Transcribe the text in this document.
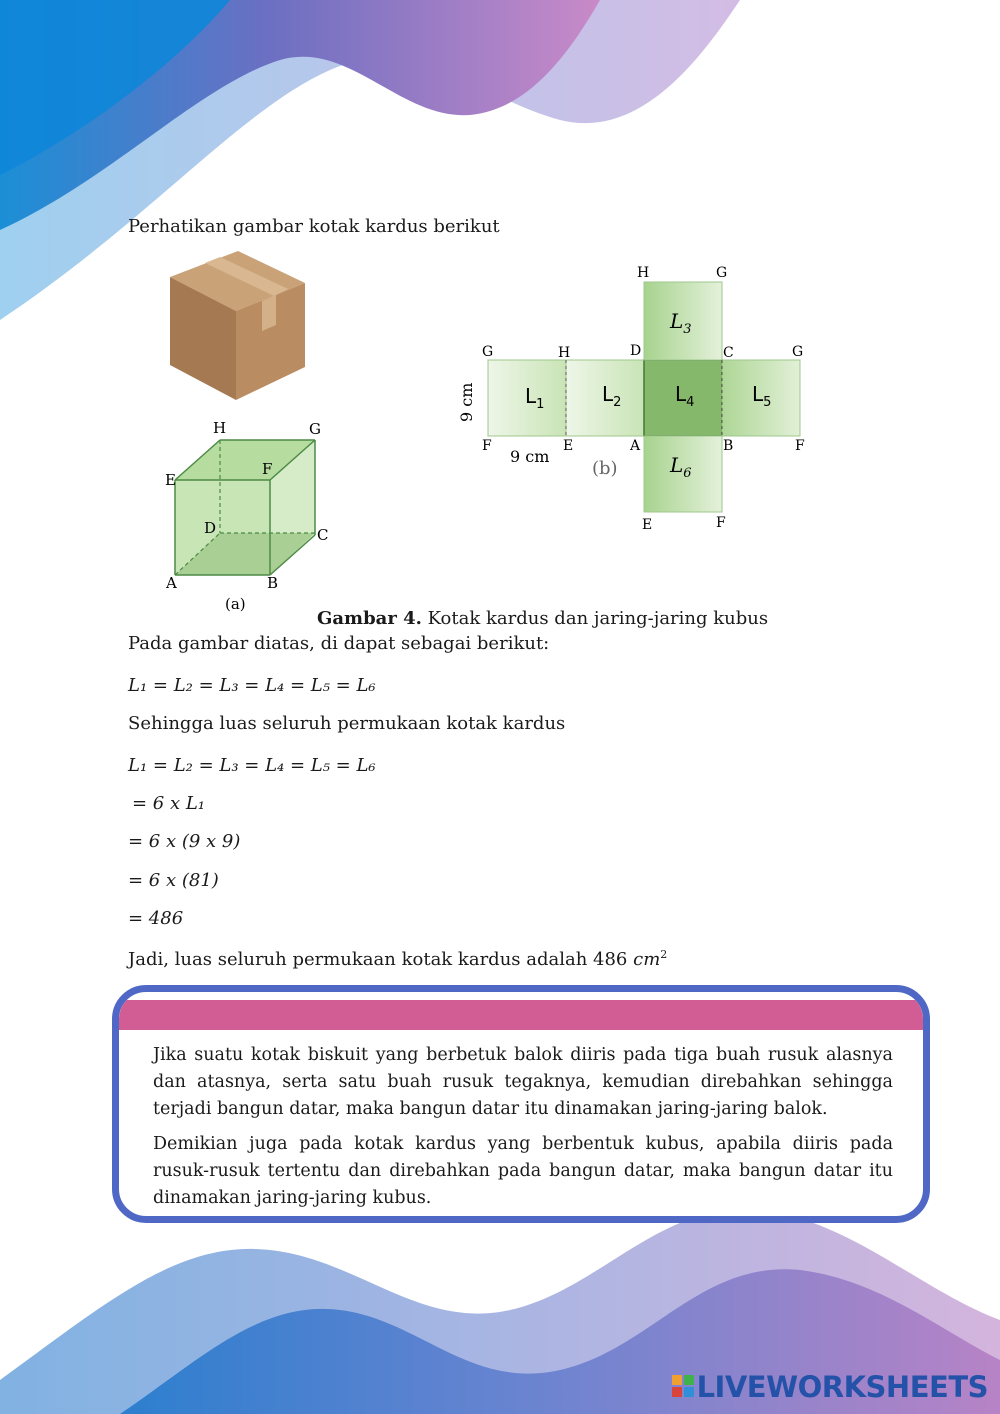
Perhatikan gambar kotak kardus berikut
H	G
E
F
D	C
A	B
(a)
$L_1$	$L_2$
$L_3$
$L_4$	$L_5$
$L_6$
H	G
G	H	D	C	G
F	E	A	B	F
E	F
9 cm
9 cm
(b)
Gambar 4. Kotak kardus dan jaring-jaring kubus
Pada gambar diatas, di dapat sebagai berikut:
L₁ = L₂ = L₃ = L₄ = L₅ = L₆
Sehingga luas seluruh permukaan kotak kardus
L₁ = L₂ = L₃ = L₄ = L₅ = L₆
= 6 x L₁
= 6 x (9 x 9)
= 6 x (81)
= 486
Jadi, luas seluruh permukaan kotak kardus adalah 486 $cm^2$

Jika suatu kotak biskuit yang berbetuk balok diiris pada tiga buah rusuk alasnya dan atasnya, serta satu buah rusuk tegaknya, kemudian direbahkan sehingga terjadi bangun datar, maka bangun datar itu dinamakan jaring-jaring balok.

Demikian juga pada kotak kardus yang berbentuk kubus, apabila diiris pada rusuk-rusuk tertentu dan direbahkan pada bangun datar, maka bangun datar itu dinamakan jaring-jaring kubus.

LIVEWORKSHEETS
